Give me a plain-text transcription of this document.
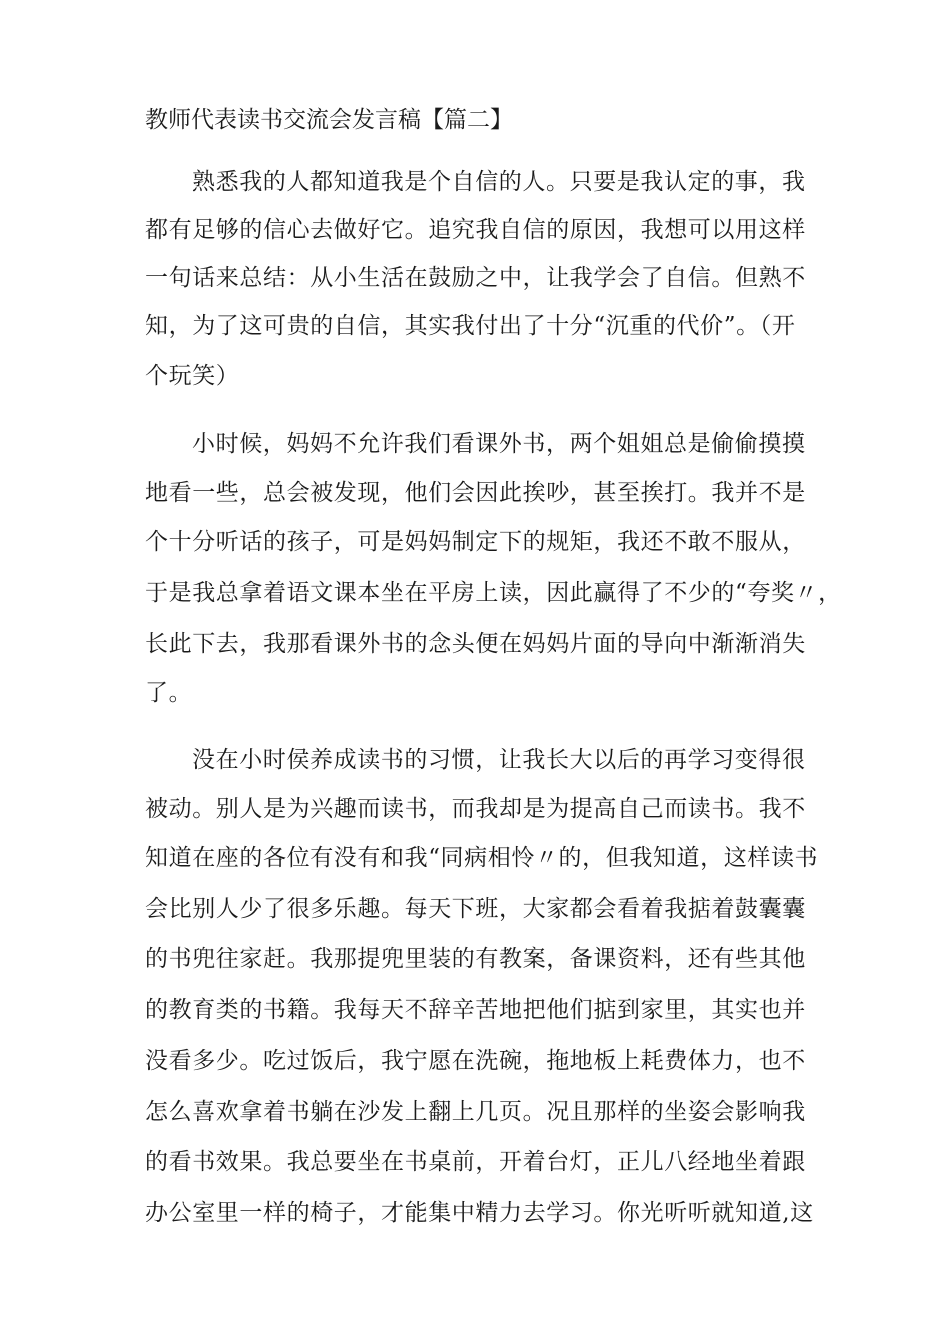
教师代表读书交流会发言稿【篇二】
熟悉我的人都知道我是个自信的人。只要是我认定的事，我
都有足够的信心去做好它。追究我自信的原因，我想可以用这样
一句话来总结：从小生活在鼓励之中，让我学会了自信。但熟不
知，为了这可贵的自信，其实我付出了十分“沉重的代价”。（开
个玩笑）
小时候，妈妈不允许我们看课外书，两个姐姐总是偷偷摸摸
地看一些，总会被发现，他们会因此挨吵，甚至挨打。我并不是
个十分听话的孩子，可是妈妈制定下的规矩，我还不敢不服从，
于是我总拿着语文课本坐在平房上读，因此赢得了不少的“夸奖〃，
长此下去，我那看课外书的念头便在妈妈片面的导向中渐渐消失
了。
没在小时侯养成读书的习惯，让我长大以后的再学习变得很
被动。别人是为兴趣而读书，而我却是为提高自己而读书。我不
知道在座的各位有没有和我“同病相怜〃的，但我知道，这样读书
会比别人少了很多乐趣。每天下班，大家都会看着我掂着鼓囊囊
的书兜往家赶。我那提兜里装的有教案，备课资料，还有些其他
的教育类的书籍。我每天不辞辛苦地把他们掂到家里，其实也并
没看多少。吃过饭后，我宁愿在洗碗，拖地板上耗费体力，也不
怎么喜欢拿着书躺在沙发上翻上几页。况且那样的坐姿会影响我
的看书效果。我总要坐在书桌前，开着台灯，正儿八经地坐着跟
办公室里一样的椅子，才能集中精力去学习。你光听听就知道,这
